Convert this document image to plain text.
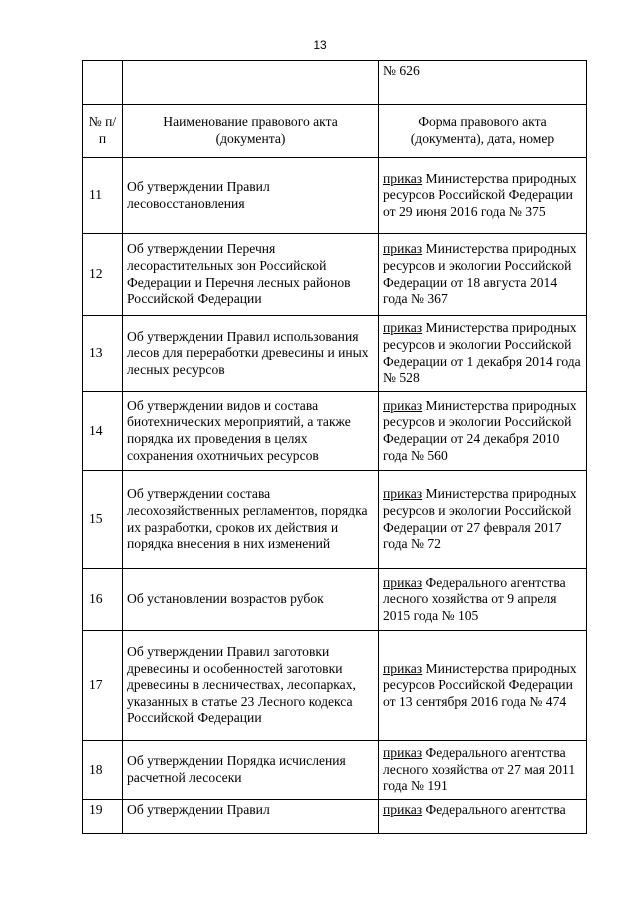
13
		№ 626
№ п/п	Наименование правового акта (документа)	Форма правового акта (документа), дата, номер
11	Об утверждении Правил лесовосстановления	приказ Министерства природных ресурсов Российской Федерации от 29 июня 2016 года № 375
12	Об утверждении Перечня лесорастительных зон Российской Федерации и Перечня лесных районов Российской Федерации	приказ Министерства природных ресурсов и экологии Российской Федерации от 18 августа 2014 года № 367
13	Об утверждении Правил использования лесов для переработки древесины и иных лесных ресурсов	приказ Министерства природных ресурсов и экологии Российской Федерации от 1 декабря 2014 года № 528
14	Об утверждении видов и состава биотехнических мероприятий, а также порядка их проведения в целях сохранения охотничьих ресурсов	приказ Министерства природных ресурсов и экологии Российской Федерации от 24 декабря 2010 года № 560
15	Об утверждении состава лесохозяйственных регламентов, порядка их разработки, сроков их действия и порядка внесения в них изменений	приказ Министерства природных ресурсов и экологии Российской Федерации от 27 февраля 2017 года № 72
16	Об установлении возрастов рубок	приказ Федерального агентства лесного хозяйства от 9 апреля 2015 года № 105
17	Об утверждении Правил заготовки древесины и особенностей заготовки древесины в лесничествах, лесопарках, указанных в статье 23 Лесного кодекса Российской Федерации	приказ Министерства природных ресурсов Российской Федерации от 13 сентября 2016 года № 474
18	Об утверждении Порядка исчисления расчетной лесосеки	приказ Федерального агентства лесного хозяйства от 27 мая 2011 года № 191
19	Об утверждении Правил	приказ Федерального агентства
